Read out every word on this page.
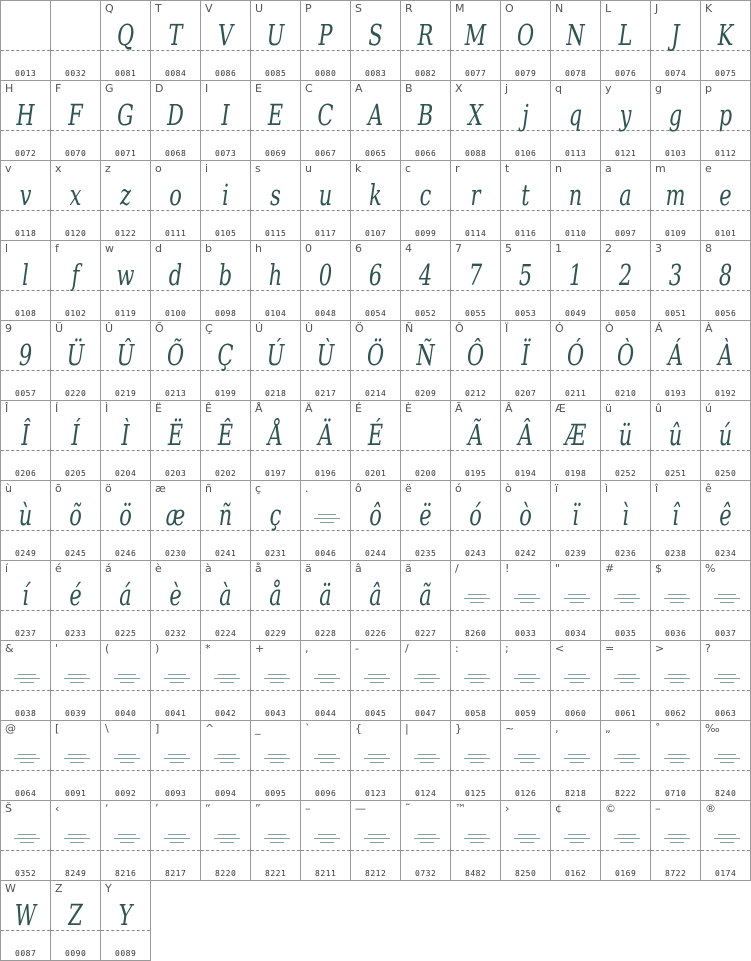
0013	0032
Q
Q
0081
T
T
0084
V
V
0086
U
U
0085
P
P
0080
S
S
0083
R
R
0082
M
M
0077
O
O
0079
N
N
0078
L
L
0076
J
J
0074
K
K
0075
H
H
0072
F
F
0070
G
G
0071
D
D
0068
I
I
0073
E
E
0069
C
C
0067
A
A
0065
B
B
0066
X
X
0088
j
j
0106
q
q
0113
y
y
0121
g
g
0103
p
p
0112
v
v
0118
x
x
0120
z
z
0122
o
o
0111
i
i
0105
s
s
0115
u
u
0117
k
k
0107
c
c
0099
r
r
0114
t
t
0116
n
n
0110
a
a
0097
m
m
0109
e
e
0101
l
l
0108
f
f
0102
w
w
0119
d
d
0100
b
b
0098
h
h
0104
0
0
0048
6
6
0054
4
4
0052
7
7
0055
5
5
0053
1
1
0049
2
2
0050
3
3
0051
8
8
0056
9
9
0057
Ü
Ü
0220
Û
Û
0219
Õ
Õ
0213
Ç
Ç
0199
Ú
Ú
0218
Ù
Ù
0217
Ö
Ö
0214
Ñ
Ñ
0209
Ô
Ô
0212
Ï
Ï
0207
Ó
Ó
0211
Ò
Ò
0210
Á
Á
0193
À
À
0192
Î
Î
0206
Í
Í
0205
Ì
Ì
0204
Ë
Ë
0203
Ê
Ê
0202
Å
Å
0197
Ä
Ä
0196
É
É
0201
È
0200
Ã
Ã
0195
Â
Â
0194
Æ
Æ
0198
ü
ü
0252
û
û
0251
ú
ú
0250
ù
ù
0249
õ
õ
0245
ö
ö
0246
æ
æ
0230
ñ
ñ
0241
ç
ç
0231
.
0046
ô
ô
0244
ë
ë
0235
ó
ó
0243
ò
ò
0242
ï
ï
0239
ì
ì
0236
î
î
0238
ê
ê
0234
í
í
0237
é
é
0233
á
á
0225
è
è
0232
à
à
0224
å
å
0229
ä
ä
0228
â
â
0226
ã
ã
0227
/
8260
!
0033
"
0034
#
0035
$
0036
%
0037
&
0038
'
0039
(
0040
)
0041
*
0042
+
0043
,
0044
-
0045
/
0047
:
0058
;
0059
<
0060
=
0061
>
0062
?
0063
@
0064
[
0091
\
0092
]
0093
^
0094
_
0095
`
0096
{
0123
|
0124
}
0125
~
0126
‚
8218
„
8222
˚
0710
‰
8240
Š
0352
‹
8249
‘
8216
’
8217
“
8220
”
8221
–
8211
—
8212
˜
0732
™
8482
›
8250
¢
0162
©
0169
–
8722
®
0174
W
W
0087
Z
Z
0090
Y
Y
0089
